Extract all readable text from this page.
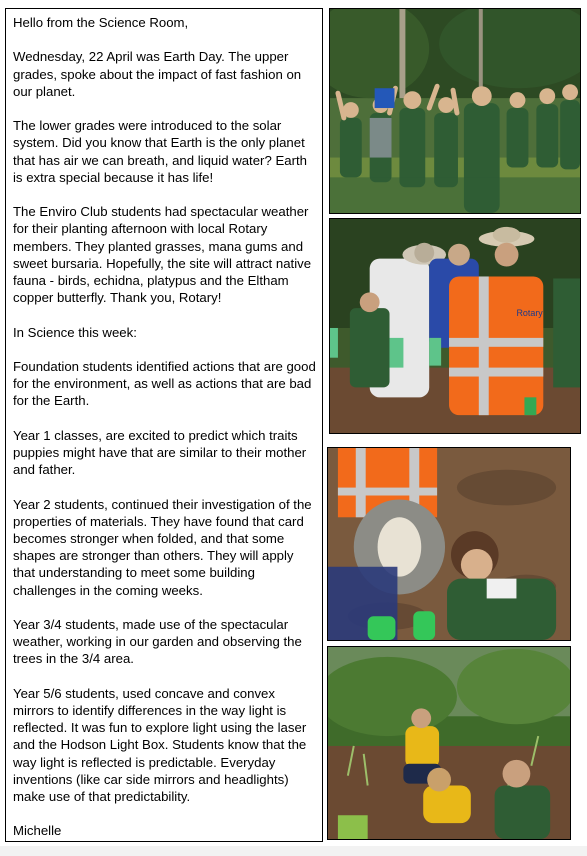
Hello from the Science Room,

Wednesday, 22 April was Earth Day. The upper grades, spoke about the impact of fast fashion on our planet.

The lower grades were introduced to the solar system. Did you know that Earth is the only planet that has air we can breath, and liquid water? Earth is extra special because it has life!

The Enviro Club students had spectacular weather for their planting afternoon with local Rotary members. They planted grasses, mana gums and sweet bursaria. Hopefully, the site will attract native fauna - birds, echidna, platypus and the Eltham copper butterfly. Thank you, Rotary!

In Science this week:

Foundation students identified actions that are good for the environment, as well as actions that are bad for the Earth.

Year 1 classes, are excited to predict which traits puppies might have that are similar to their mother and father.

Year 2 students, continued their investigation of the properties of materials. They have found that card becomes stronger when folded, and that some shapes are stronger than others. They will apply that understanding to meet some building challenges in the coming weeks.

Year 3/4 students, made use of the spectacular weather, working in our garden and observing the trees in the 3/4 area.

Year 5/6 students, used concave and convex mirrors to identify differences in the way light is reflected. It was fun to explore light using the laser and the Hodson Light Box. Students know that the way light is reflected is predictable. Everyday inventions (like car side mirrors and headlights) make use of that predictability.

Michelle

Rotary
